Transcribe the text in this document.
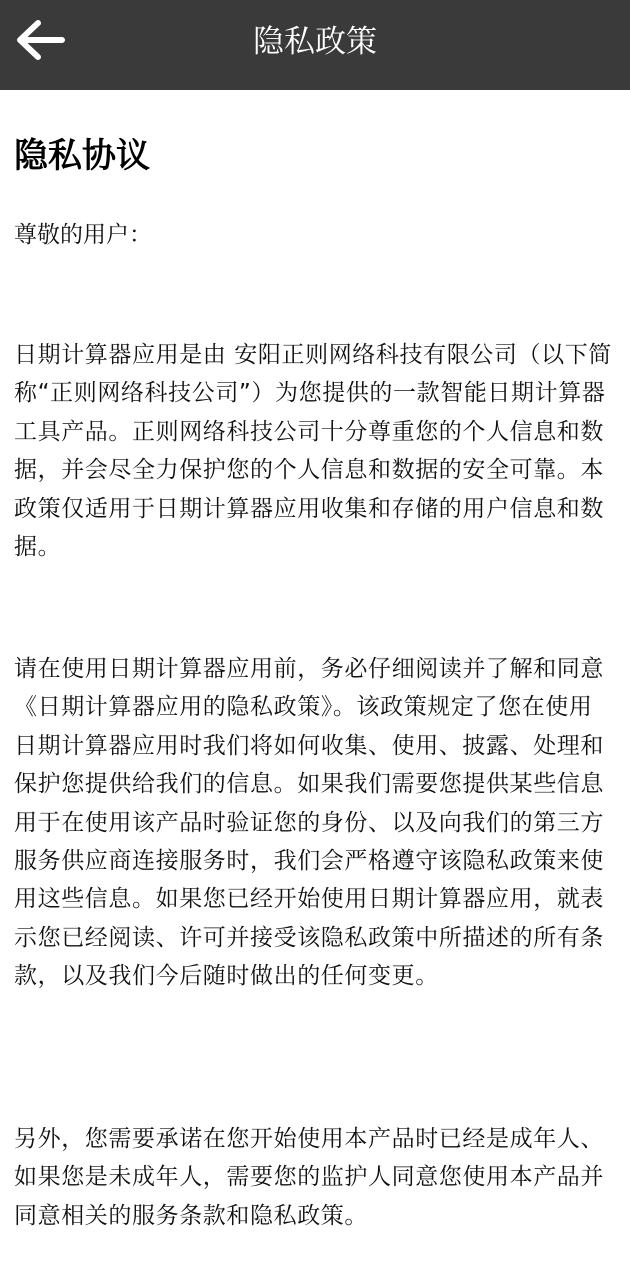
隐私政策
隐私协议

尊敬的用户：

日期计算器应用是由 安阳正则网络科技有限公司（以下简称“正则网络科技公司”）为您提供的一款智能日期计算器工具产品。正则网络科技公司十分尊重您的个人信息和数据，并会尽全力保护您的个人信息和数据的安全可靠。本政策仅适用于日期计算器应用收集和存储的用户信息和数据。

请在使用日期计算器应用前，务必仔细阅读并了解和同意《日期计算器应用的隐私政策》。该政策规定了您在使用 日期计算器应用时我们将如何收集、使用、披露、处理和保护您提供给我们的信息。如果我们需要您提供某些信息用于在使用该产品时验证您的身份、以及向我们的第三方服务供应商连接服务时，我们会严格遵守该隐私政策来使用这些信息。如果您已经开始使用日期计算器应用，就表示您已经阅读、许可并接受该隐私政策中所描述的所有条款，以及我们今后随时做出的任何变更。

另外，您需要承诺在您开始使用本产品时已经是成年人、如果您是未成年人，需要您的监护人同意您使用本产品并同意相关的服务条款和隐私政策。
